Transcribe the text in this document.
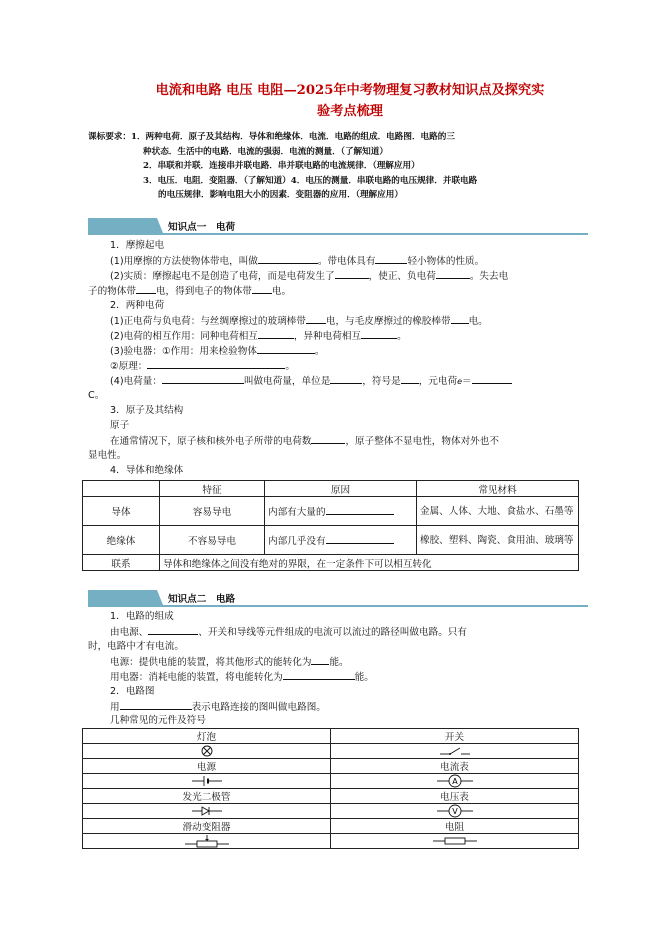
电流和电路 电压 电阻—2025年中考物理复习教材知识点及探究实
验考点梳理
课标要求：1．两种电荷．原子及其结构．导体和绝缘体．电流．电路的组成．电路图．电路的三
种状态．生活中的电路．电流的强弱．电流的测量．（了解知道）
2．串联和并联．连接串并联电路．串并联电路的电流规律．（理解应用）
3．电压．电阻．变阻器．（了解知道）4．电压的测量．串联电路的电压规律．并联电路
的电压规律．影响电阻大小的因素．变阻器的应用．（理解应用）
知识点一　电荷
1．摩擦起电
(1)用摩擦的方法使物体带电，叫做	。带电体具有	轻小物体的性质。
(2)实质：摩擦起电不是创造了电荷，而是电荷发生了	，使正、负电荷	。失去电
子的物体带 电，得到电子的物体带 电。
2．两种电荷
(1)正电荷与负电荷：与丝绸摩擦过的玻璃棒带 电，与毛皮摩擦过的橡胶棒带 电。
(2)电荷的相互作用：同种电荷相互	，异种电荷相互	。
(3)验电器：①作用：用来检验物体	。
②原理：	。
(4)电荷量：	叫做电荷量，单位是	，符号是 ，元电荷e＝
C。
3．原子及其结构
原子
在通常情况下，原子核和核外电子所带的电荷数	，原子整体不显电性，物体对外也不
显电性。
4．导体和绝缘体
	特征	原因	常见材料
导体	容易导电	内部有大量的	金属、人体、大地、食盐水、石墨等
绝缘体	不容易导电	内部几乎没有	橡胶、塑料、陶瓷、食用油、玻璃等
联系	导体和绝缘体之间没有绝对的界限，在一定条件下可以相互转化		
知识点二　电路
1．电路的组成
由电源、	、开关和导线等元件组成的电流可以流过的路径叫做电路。只有
时，电路中才有电流。
电源：提供电能的装置，将其他形式的能转化为 能。
用电器：消耗电能的装置，将电能转化为	能。
2．电路图
用	表示电路连接的图叫做电路图。
几种常见的元件及符号
灯泡	开关

电源	电流表

A

发光二极管	电压表

V

滑动变阻器	电阻
